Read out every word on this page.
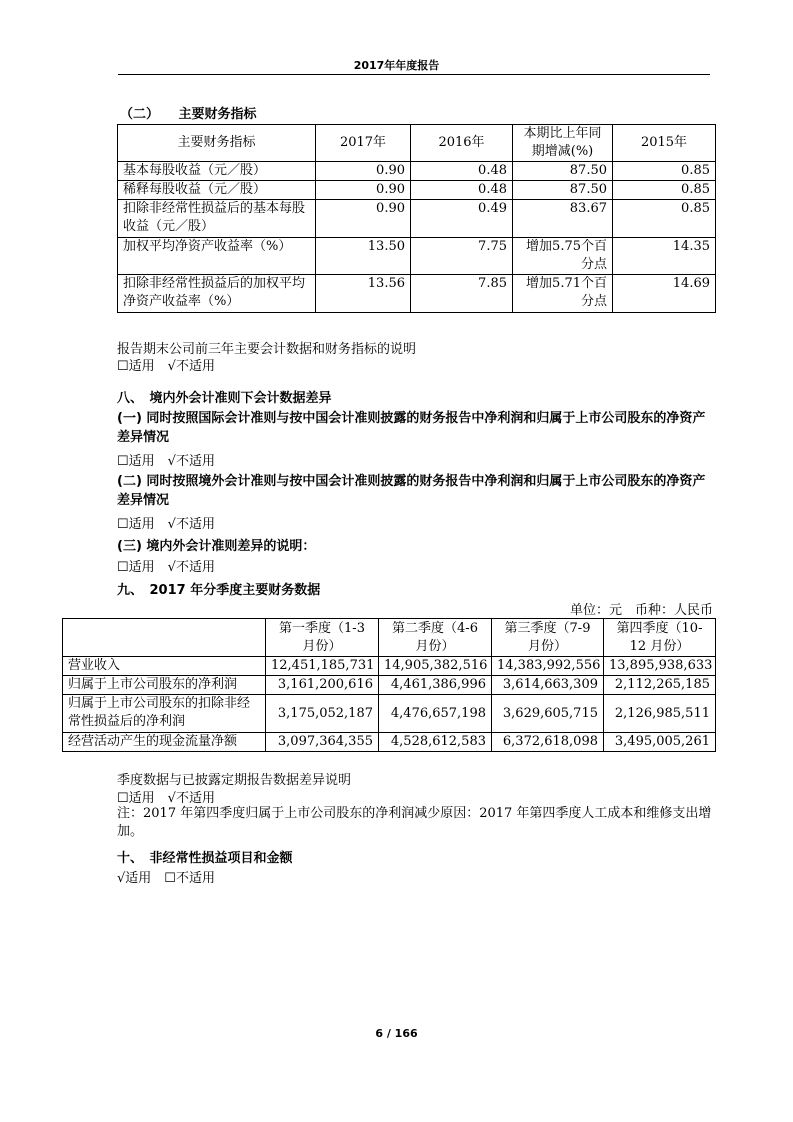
2017年年度报告
（二）　　主要财务指标
主要财务指标	2017年	2016年	本期比上年同期增减(%)	2015年
基本每股收益（元／股）	0.90	0.48	87.50	0.85
稀释每股收益（元／股）	0.90	0.48	87.50	0.85
扣除非经常性损益后的基本每股收益（元／股）	0.90	0.49	83.67	0.85
加权平均净资产收益率（%）	13.50	7.75	增加5.75个百分点	14.35
扣除非经常性损益后的加权平均净资产收益率（%）	13.56	7.85	增加5.71个百分点	14.69
报告期末公司前三年主要会计数据和财务指标的说明
☐适用　√不适用
八、　境内外会计准则下会计数据差异
(一) 同时按照国际会计准则与按中国会计准则披露的财务报告中净利润和归属于上市公司股东的净资产差异情况
☐适用　√不适用
(二) 同时按照境外会计准则与按中国会计准则披露的财务报告中净利润和归属于上市公司股东的净资产差异情况
☐适用　√不适用
(三) 境内外会计准则差异的说明：
☐适用　√不适用
九、　2017 年分季度主要财务数据
单位：元　币种：人民币
	第一季度（1-3 月份）	第二季度（4-6 月份）	第三季度（7-9 月份）	第四季度（10-12 月份）
营业收入	12,451,185,731	14,905,382,516	14,383,992,556	13,895,938,633
归属于上市公司股东的净利润	3,161,200,616	4,461,386,996	3,614,663,309	2,112,265,185
归属于上市公司股东的扣除非经常性损益后的净利润	3,175,052,187	4,476,657,198	3,629,605,715	2,126,985,511
经营活动产生的现金流量净额	3,097,364,355	4,528,612,583	6,372,618,098	3,495,005,261
季度数据与已披露定期报告数据差异说明
☐适用　√不适用
注：2017 年第四季度归属于上市公司股东的净利润减少原因：2017 年第四季度人工成本和维修支出增加。
十、　非经常性损益项目和金额
√适用　☐不适用
6 / 166
